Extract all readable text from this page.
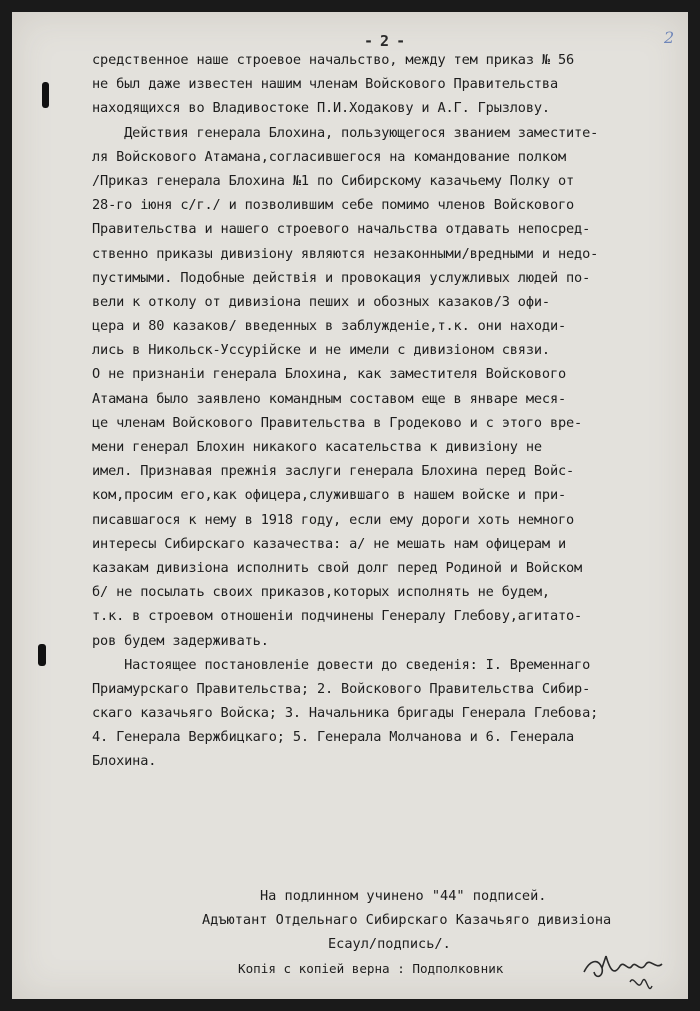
- 2 -	2
средственное наше строевое начальство, между тем приказ № 56
не был даже известен нашим членам Войскового Правительства
находящихся во Владивостоке П.И.Ходакову и А.Г. Грызлову.
Действия генерала Блохина, пользующегося званием заместите-
ля Войскового Атамана,согласившегося на командование полком
/Приказ генерала Блохина №1 по Сибирскому казачьему Полку от
28-го iюня с/г./ и позволившим себе помимо членов Войскового
Правительства и нашего строевого начальства отдавать непосред-
ственно приказы дивизiону являются незаконными/вредными и недо-
пустимыми. Подобные действiя и провокация услужливых людей по-
вели к отколу от дивизiона пеших и обозных казаков/3 офи-
цера и 80 казаков/ введенных в заблужденiе,т.к. они находи-
лись в Никольск-Уссурiйске и не имели с дивизiоном связи.
О не признанiи генерала Блохина, как заместителя Войскового
Атамана было заявлено командным составом еще в январе меся-
це членам Войскового Правительства в Гродеково и с этого вре-
мени генерал Блохин никакого касательства к дивизiону не
имел. Признавая прежнiя заслуги генерала Блохина перед Войс-
ком,просим его,как офицера,служившаго в нашем войске и при-
писавшагося к нему в 1918 году, если ему дороги хоть немного
интересы Сибирскаго казачества: а/ не мешать нам офицерам и
казакам дивизiона исполнить свой долг перед Родиной и Войском
б/ не посылать своих приказов,которых исполнять не будем,
т.к. в строевом отношенiи подчинены Генералу Глебову,агитато-
ров будем задерживать.
Настоящее постановленiе довести до сведенiя: I. Временнаго
Приамурскаго Правительства; 2. Войскового Правительства Сибир-
скаго казачьяго Войска; 3. Начальника бригады Генерала Глебова;
4. Генерала Вержбицкаго; 5. Генерала Молчанова и 6. Генерала
Блохина.
На подлинном учинено "44" подписей.
Адъютант Отдельнаго Сибирскаго Казачьяго дивизiона
Есаул/подпись/.
Копiя с копiей верна : Подполковник
